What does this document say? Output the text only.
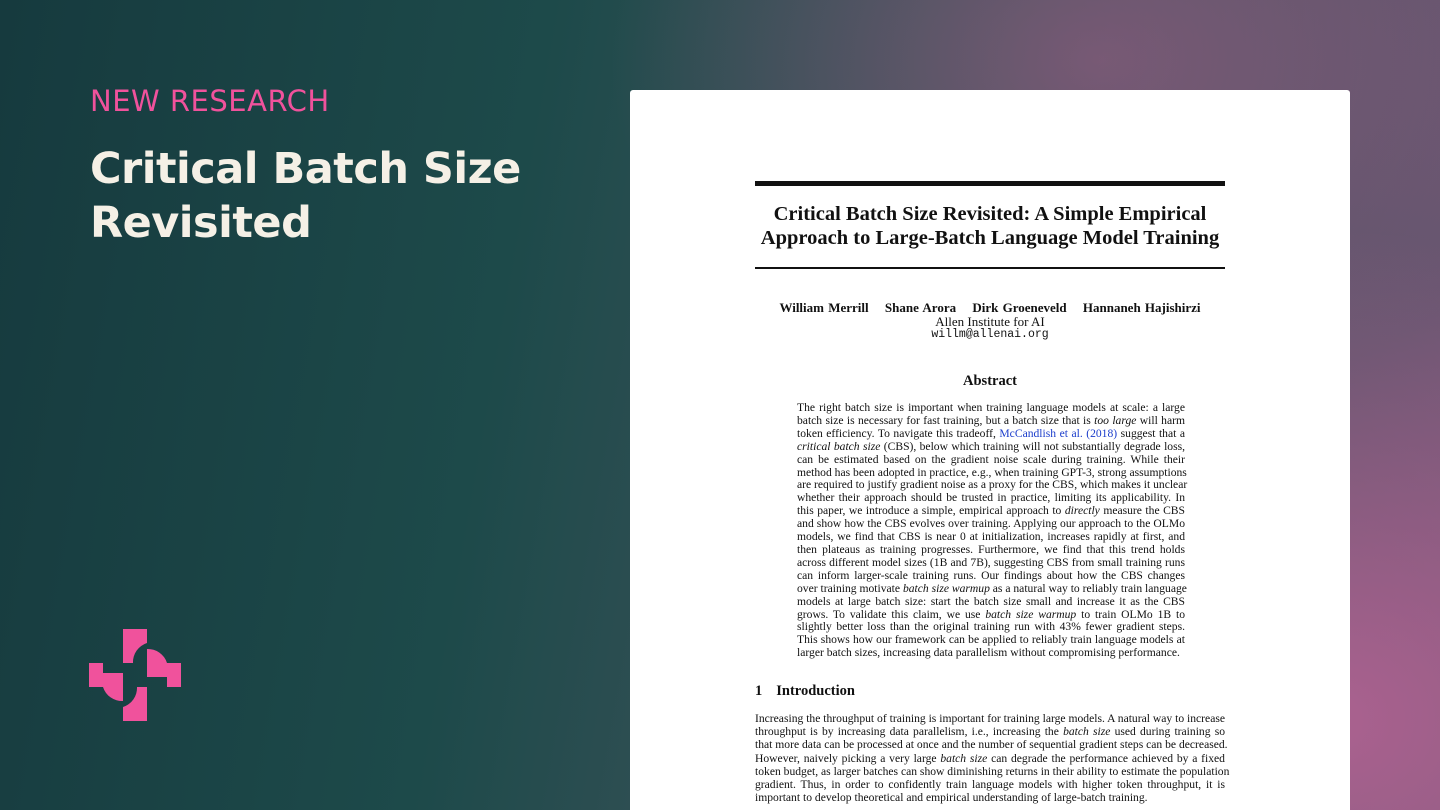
NEW RESEARCH
Critical Batch Size Revisited	Critical Batch Size Revisited: A Simple Empirical
Approach to Large-Batch Language Model Training
William Merrill Shane Arora Dirk Groeneveld Hannaneh Hajishirzi
Allen Institute for AI
willm@allenai.org
Abstract
The right batch size is important when training language models at scale: a large
batch size is necessary for fast training, but a batch size that is too large will harm
token efficiency. To navigate this tradeoff, McCandlish et al. (2018) suggest that a
critical batch size (CBS), below which training will not substantially degrade loss,
can be estimated based on the gradient noise scale during training. While their
method has been adopted in practice, e.g., when training GPT-3, strong assumptions
are required to justify gradient noise as a proxy for the CBS, which makes it unclear
whether their approach should be trusted in practice, limiting its applicability. In
this paper, we introduce a simple, empirical approach to directly measure the CBS
and show how the CBS evolves over training. Applying our approach to the OLMo
models, we find that CBS is near 0 at initialization, increases rapidly at first, and
then plateaus as training progresses. Furthermore, we find that this trend holds
across different model sizes (1B and 7B), suggesting CBS from small training runs
can inform larger-scale training runs. Our findings about how the CBS changes
over training motivate batch size warmup as a natural way to reliably train language
models at large batch size: start the batch size small and increase it as the CBS
grows. To validate this claim, we use batch size warmup to train OLMo 1B to
slightly better loss than the original training run with 43% fewer gradient steps.
This shows how our framework can be applied to reliably train language models at
larger batch sizes, increasing data parallelism without compromising performance.
1 Introduction
Increasing the throughput of training is important for training large models. A natural way to increase
throughput is by increasing data parallelism, i.e., increasing the batch size used during training so
that more data can be processed at once and the number of sequential gradient steps can be decreased.
However, naively picking a very large batch size can degrade the performance achieved by a fixed
token budget, as larger batches can show diminishing returns in their ability to estimate the population
gradient. Thus, in order to confidently train language models with higher token throughput, it is
important to develop theoretical and empirical understanding of large-batch training.
